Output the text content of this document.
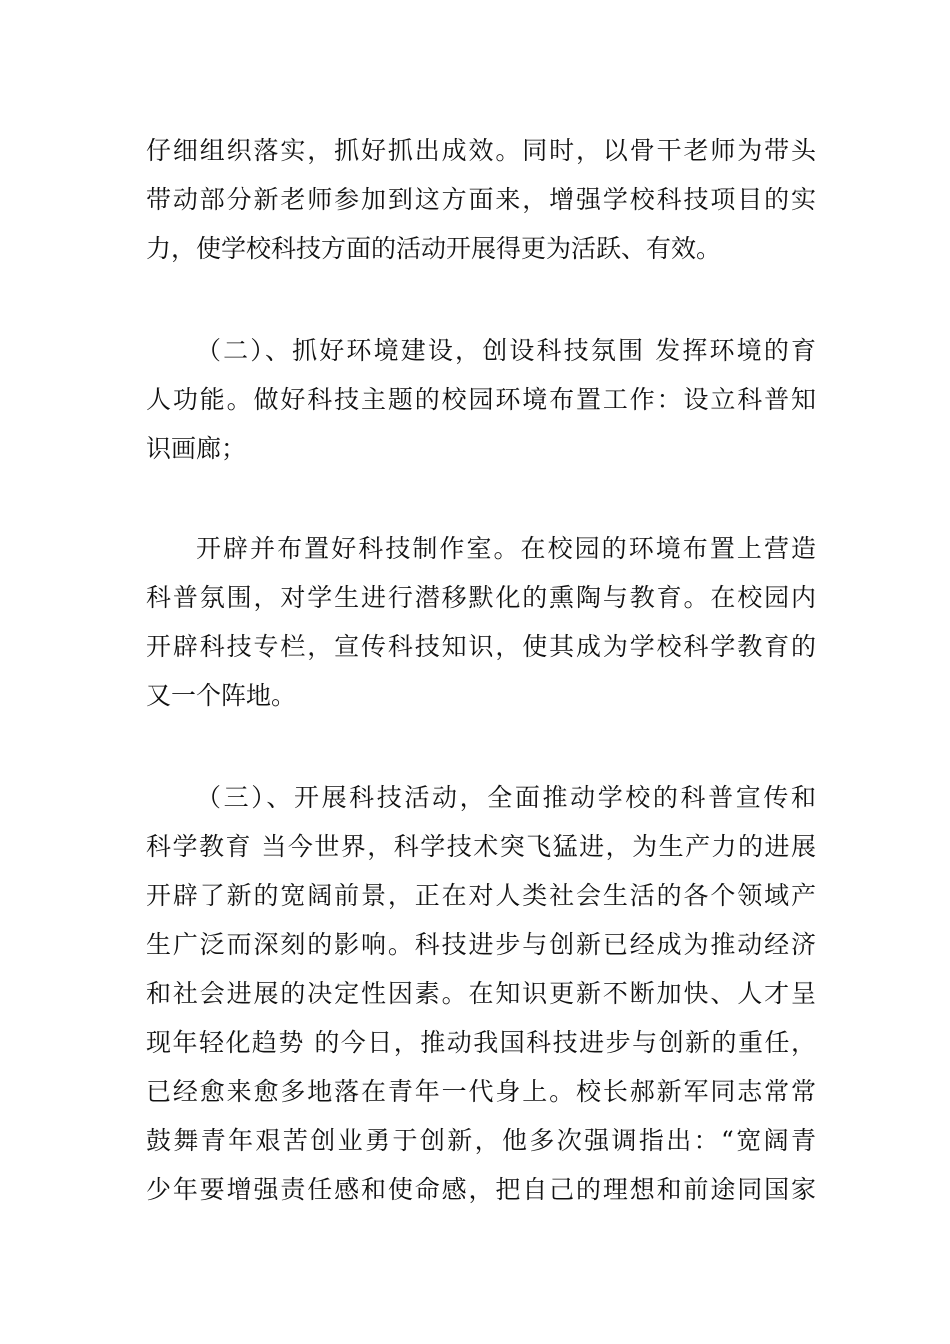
仔细组织落实，抓好抓出成效。同时，以骨干老师为带头
带动部分新老师参加到这方面来，增强学校科技项目的实
力，使学校科技方面的活动开展得更为活跃、有效。
（二）、抓好环境建设，创设科技氛围 发挥环境的育
人功能。做好科技主题的校园环境布置工作：设立科普知
识画廊；
开辟并布置好科技制作室。在校园的环境布置上营造
科普氛围，对学生进行潜移默化的熏陶与教育。在校园内
开辟科技专栏，宣传科技知识，使其成为学校科学教育的
又一个阵地。
（三）、开展科技活动，全面推动学校的科普宣传和
科学教育 当今世界，科学技术突飞猛进，为生产力的进展
开辟了新的宽阔前景，正在对人类社会生活的各个领域产
生广泛而深刻的影响。科技进步与创新已经成为推动经济
和社会进展的决定性因素。在知识更新不断加快、人才呈
现年轻化趋势 的今日，推动我国科技进步与创新的重任，
已经愈来愈多地落在青年一代身上。校长郝新军同志常常
鼓舞青年艰苦创业勇于创新，他多次强调指出：“宽阔青
少年要增强责任感和使命感，把自己的理想和前途同国家
